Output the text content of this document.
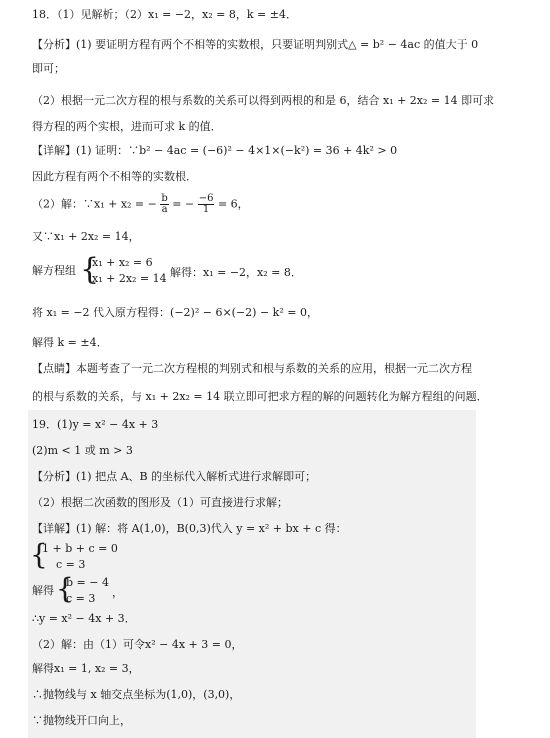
18．（1）见解析；（2）x₁ = −2，x₂ = 8，k = ±4．
【分析】(1) 要证明方程有两个不相等的实数根，只要证明判别式△ = b² − 4ac 的值大于 0
即可；
（2）根据一元二次方程的根与系数的关系可以得到两根的和是 6，结合 x₁ + 2x₂ = 14 即可求
得方程的两个实根，进而可求 k 的值．
【详解】(1) 证明：∵b² − 4ac = (−6)² − 4×1×(−k²) = 36 + 4k² > 0
因此方程有两个不相等的实数根．
（2）解：∵x₁ + x₂ = − $\frac{b}{a}$ = − $\frac{-6}{1} = 6$，
又∵x₁ + 2x₂ = 14，
解方程组 {
x₁ + x₂ = 6
x₁ + 2x₂ = 14 解得：x₁ = −2，x₂ = 8．
将 x₁ = −2 代入原方程得：(−2)² − 6×(−2) − k² = 0，
解得 k = ±4．
【点睛】本题考查了一元二次方程根的判别式和根与系数的关系的应用，根据一元二次方程
的根与系数的关系，与 x₁ + 2x₂ = 14 联立即可把求方程的解的问题转化为解方程组的问题．
19．(1)y = x² − 4x + 3
(2)m < 1 或 m > 3
【分析】(1) 把点 A、B 的坐标代入解析式进行求解即可；
（2）根据二次函数的图形及（1）可直接进行求解；
【详解】(1) 解：将 A(1,0)，B(0,3)代入 y = x² + bx + c 得：
{
1 + b + c = 0
c = 3
解得 {
b = − 4
c = 3 ，
∴y = x² − 4x + 3．
（2）解：由（1）可令x² − 4x + 3 = 0，
解得x₁ = 1, x₂ = 3，
∴抛物线与 x 轴交点坐标为(1,0)，(3,0)，
∵抛物线开口向上，
